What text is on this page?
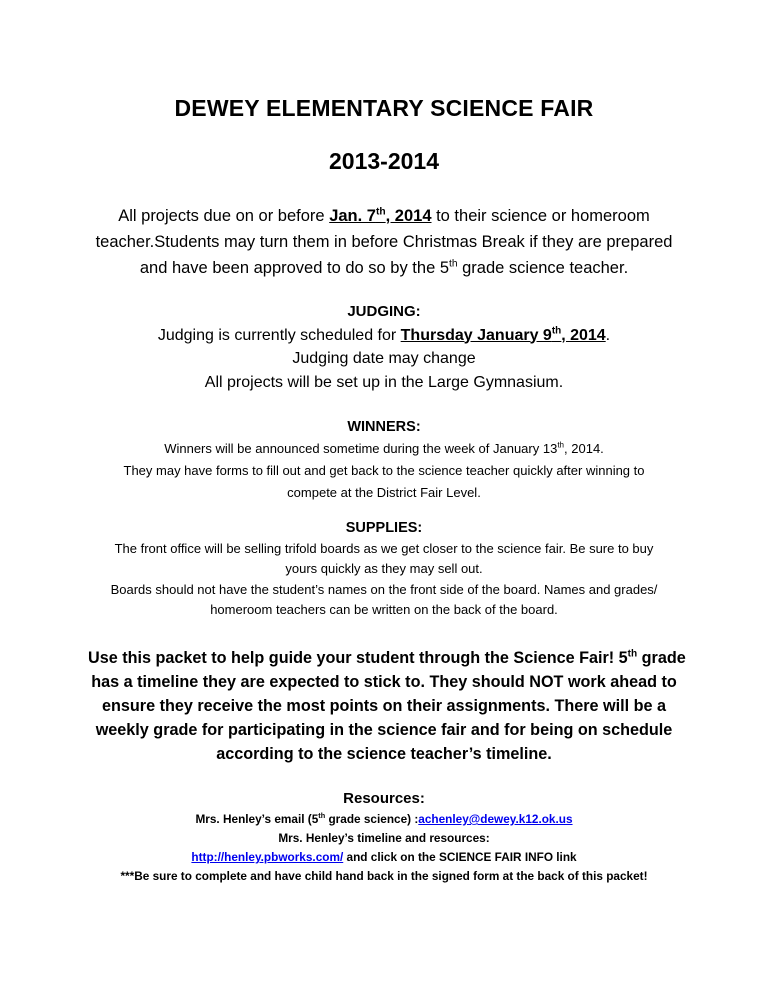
DEWEY ELEMENTARY SCIENCE FAIR
2013-2014
All projects due on or before Jan. 7th, 2014 to their science or homeroom
teacher.Students may turn them in before Christmas Break if they are prepared
and have been approved to do so by the 5th grade science teacher.
JUDGING:
Judging is currently scheduled for Thursday January 9th, 2014.
Judging date may change
All projects will be set up in the Large Gymnasium.
WINNERS:
Winners will be announced sometime during the week of January 13th, 2014.
They may have forms to fill out and get back to the science teacher quickly after winning to
compete at the District Fair Level.
SUPPLIES:
The front office will be selling trifold boards as we get closer to the science fair. Be sure to buy
yours quickly as they may sell out.
Boards should not have the student’s names on the front side of the board. Names and grades/
homeroom teachers can be written on the back of the board.
Use this packet to help guide your student through the Science Fair! 5th grade
has a timeline they are expected to stick to. They should NOT work ahead to
ensure they receive the most points on their assignments. There will be a
weekly grade for participating in the science fair and for being on schedule
according to the science teacher’s timeline.
Resources:
Mrs. Henley’s email (5th grade science) :achenley@dewey.k12.ok.us
Mrs. Henley’s timeline and resources:
http://henley.pbworks.com/ and click on the SCIENCE FAIR INFO link
***Be sure to complete and have child hand back in the signed form at the back of this packet!
